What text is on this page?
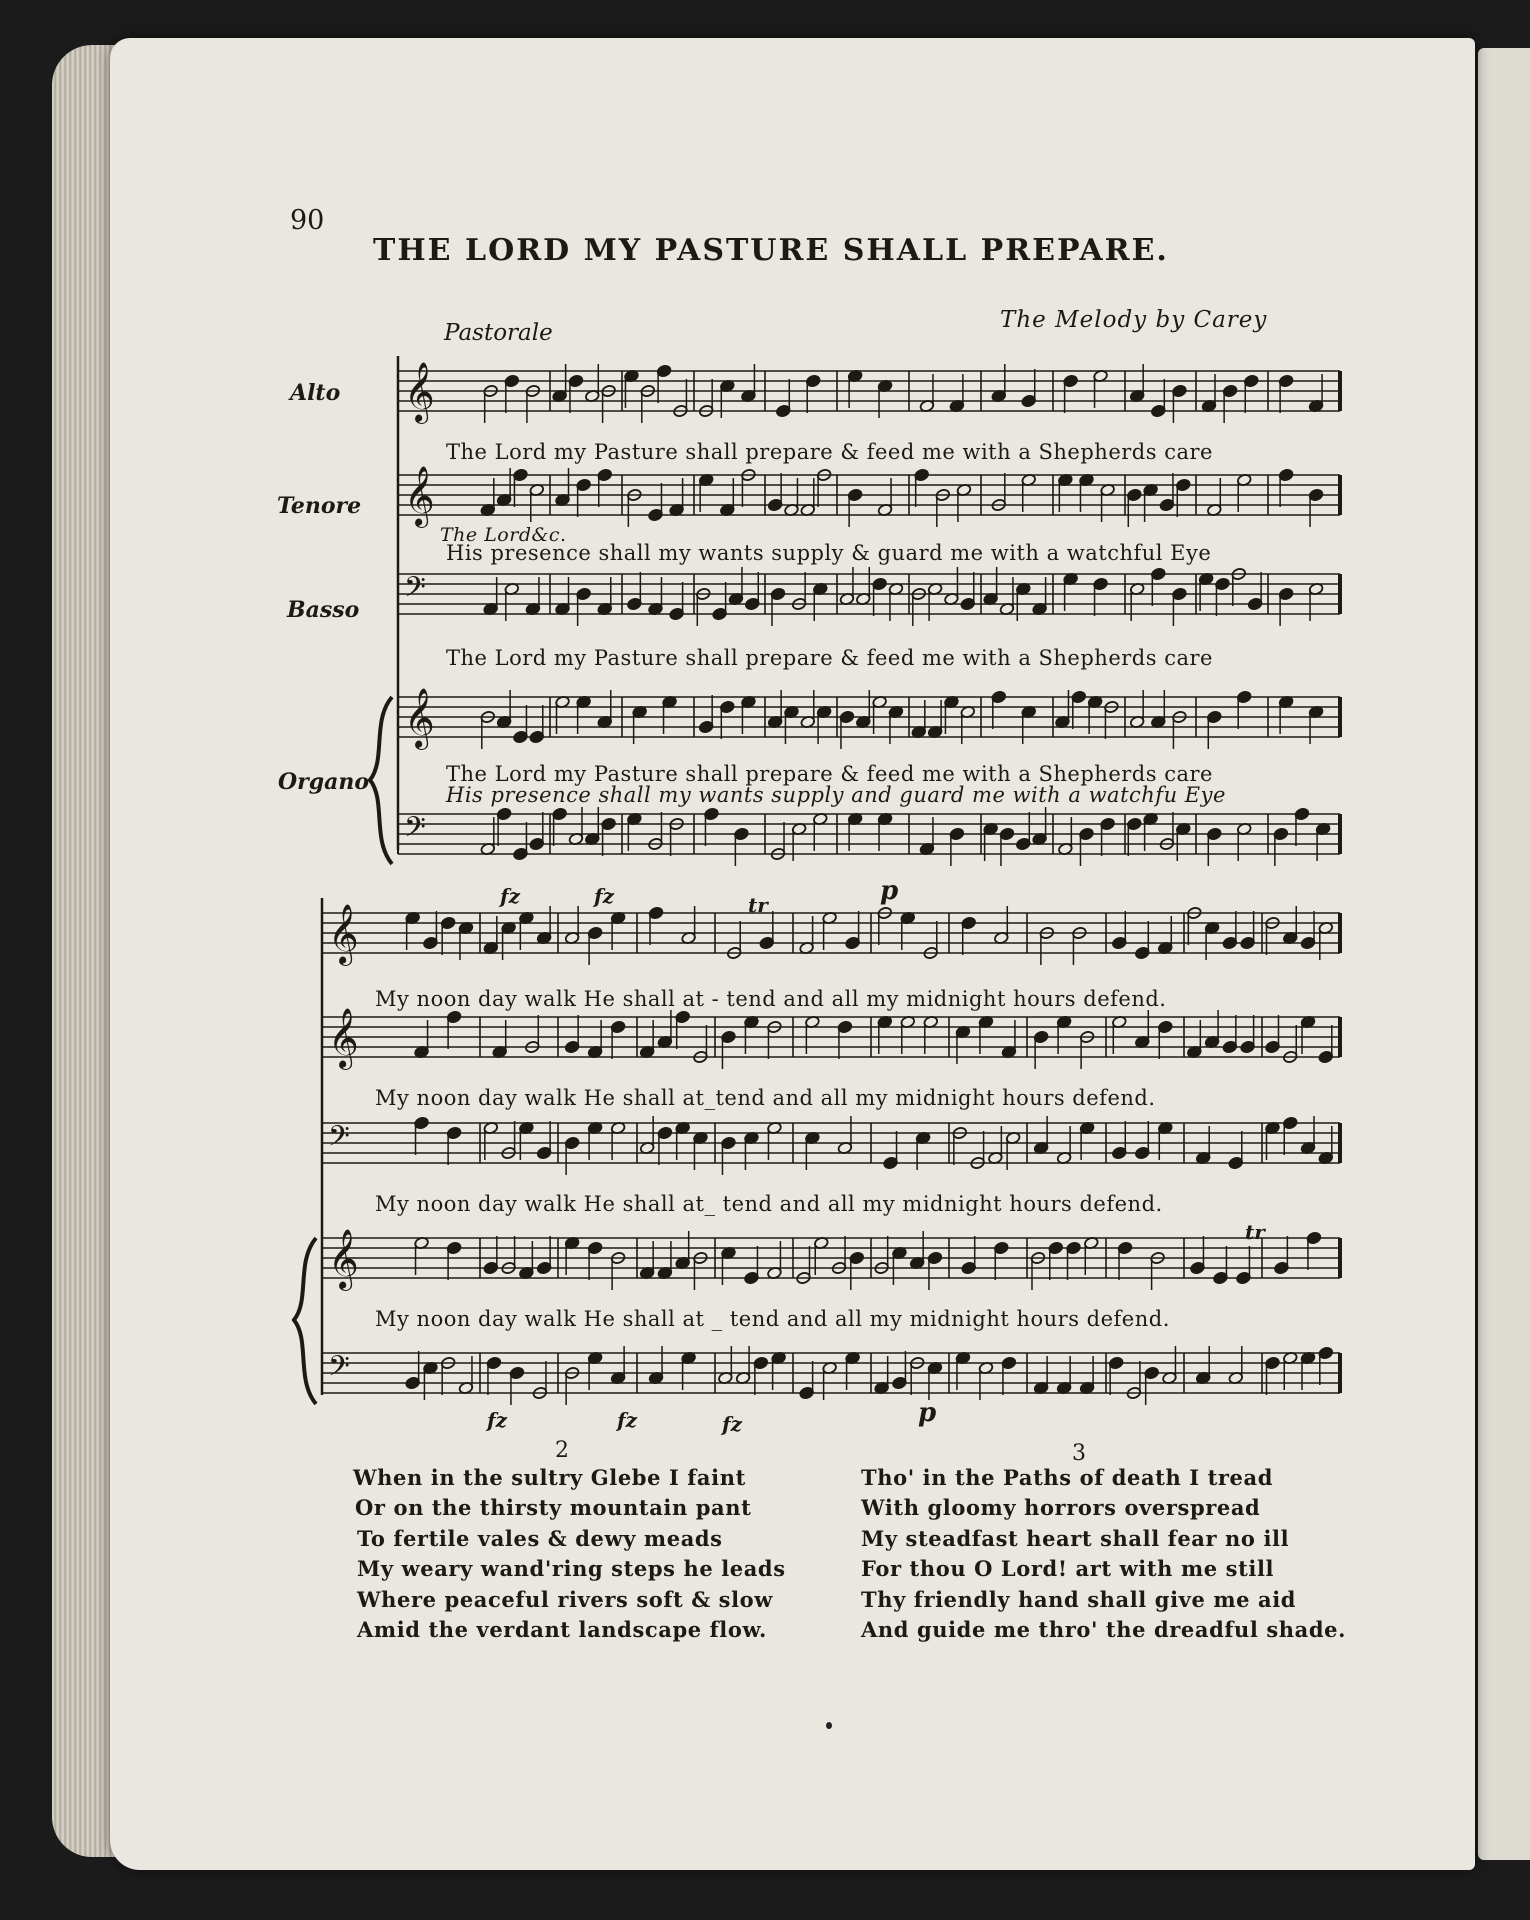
𝄞
𝄞
𝄢
𝄞
𝄢
𝄞
𝄞
𝄢
𝄞
𝄢
90
THE LORD MY PASTURE SHALL PREPARE.
Pastorale	The Melody by Carey
Alto
Tenore
Basso
Organo
The Lord my Pasture shall prepare & feed me with a Shepherds care
The Lord&c.
His presence shall my wants supply & guard me with a watchful Eye
The Lord my Pasture shall prepare & feed me with a Shepherds care
The Lord my Pasture shall prepare & feed me with a Shepherds care
His presence shall my wants supply and guard me with a watchfu Eye
fz	fz	tr	p
My noon day walk He shall at - tend and all my midnight hours defend.
My noon day walk He shall at_tend and all my midnight hours defend.
My noon day walk He shall at_ tend and all my midnight hours defend.
My noon day walk He shall at _ tend and all my midnight hours defend.
tr
fz	fz	fz	p
2
When in the sultry Glebe I faint
Or on the thirsty mountain pant
To fertile vales & dewy meads
My weary wand'ring steps he leads
Where peaceful rivers soft & slow
Amid the verdant landscape flow.
3
Tho' in the Paths of death I tread
With gloomy horrors overspread
My steadfast heart shall fear no ill
For thou O Lord! art with me still
Thy friendly hand shall give me aid
And guide me thro' the dreadful shade.
